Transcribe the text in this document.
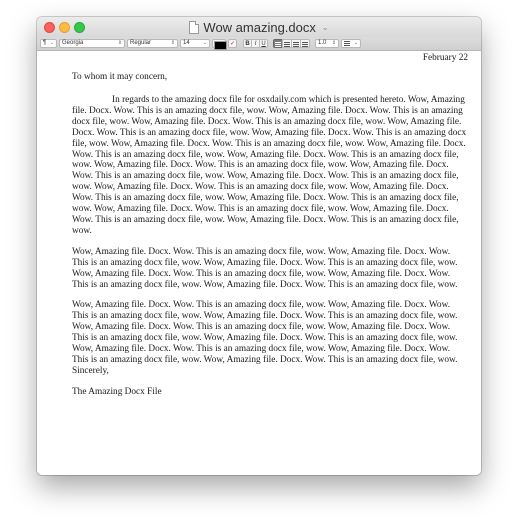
Wow amazing.docx ⌄
¶ ⌄ Georgia	⇕ Regular	⇕ 14	⌄	✓	B I U	1.0 ⇕	⌄
February 22
To whom it may concern,

In regards to the amazing docx file for osxdaily.com which is presented hereto. Wow, Amazing file. Docx. Wow. This is an amazing docx file, wow. Wow, Amazing file. Docx. Wow. This is an amazing docx file, wow. Wow, Amazing file. Docx. Wow. This is an amazing docx file, wow. Wow, Amazing file. Docx. Wow. This is an amazing docx file, wow. Wow, Amazing file. Docx. Wow. This is an amazing docx file, wow. Wow, Amazing file. Docx. Wow. This is an amazing docx file, wow. Wow, Amazing file. Docx. Wow. This is an amazing docx file, wow. Wow, Amazing file. Docx. Wow. This is an amazing docx file, wow. Wow, Amazing file. Docx. Wow. This is an amazing docx file, wow. Wow, Amazing file. Docx. Wow. This is an amazing docx file, wow. Wow, Amazing file. Docx. Wow. This is an amazing docx file, wow. Wow, Amazing file. Docx. Wow. This is an amazing docx file, wow. Wow, Amazing file. Docx. Wow. This is an amazing docx file, wow. Wow, Amazing file. Docx. Wow. This is an amazing docx file, wow. Wow, Amazing file. Docx. Wow. This is an amazing docx file, wow. Wow, Amazing file. Docx. Wow. This is an amazing docx file, wow. Wow, Amazing file. Docx. Wow. This is an amazing docx file, wow.

Wow, Amazing file. Docx. Wow. This is an amazing docx file, wow. Wow, Amazing file. Docx. Wow. This is an amazing docx file, wow. Wow, Amazing file. Docx. Wow. This is an amazing docx file, wow. Wow, Amazing file. Docx. Wow. This is an amazing docx file, wow. Wow, Amazing file. Docx. Wow. This is an amazing docx file, wow. Wow, Amazing file. Docx. Wow. This is an amazing docx file, wow.

Wow, Amazing file. Docx. Wow. This is an amazing docx file, wow. Wow, Amazing file. Docx. Wow. This is an amazing docx file, wow. Wow, Amazing file. Docx. Wow. This is an amazing docx file, wow. Wow, Amazing file. Docx. Wow. This is an amazing docx file, wow. Wow, Amazing file. Docx. Wow. This is an amazing docx file, wow. Wow, Amazing file. Docx. Wow. This is an amazing docx file, wow.

Wow, Amazing file. Docx. Wow. This is an amazing docx file, wow. Wow, Amazing file. Docx. Wow. This is an amazing docx file, wow. Wow, Amazing file. Docx. Wow. This is an amazing docx file, wow.

Sincerely,

The Amazing Docx File
